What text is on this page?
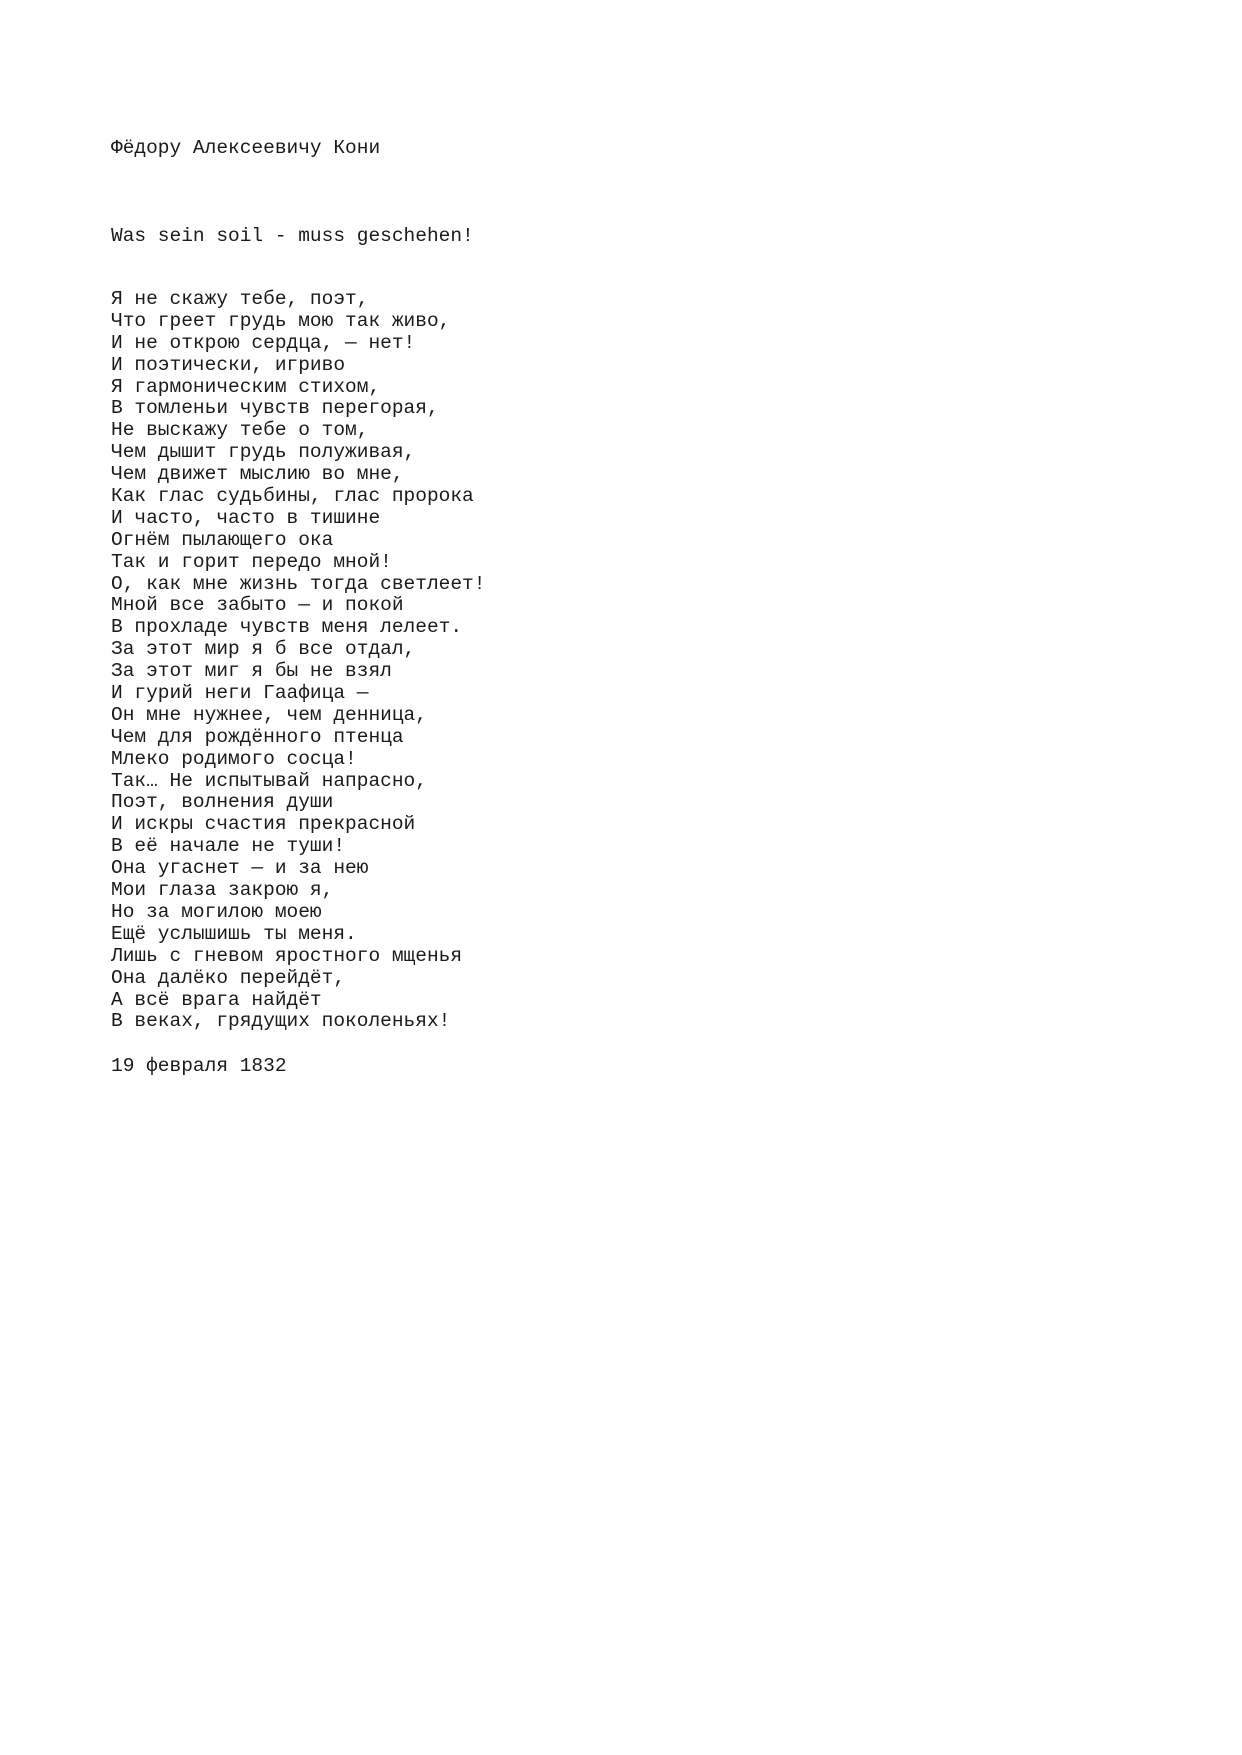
Фёдору Алексеевичу Кони

Was sein soil - muss geschehen!

Я не скажу тебе, поэт,
Что греет грудь мою так живо,
И не открою сердца, — нет!
И поэтически, игриво
Я гармоническим стихом,
В томленьи чувств перегорая,
Не выскажу тебе о том,
Чем дышит грудь полуживая,
Чем движет мыслию во мне,
Как глас судьбины, глас пророка
И часто, часто в тишине
Огнём пылающего ока
Так и горит передо мной!
О, как мне жизнь тогда светлеет!
Мной все забыто — и покой
В прохладе чувств меня лелеет.
За этот мир я б все отдал,
За этот миг я бы не взял
И гурий неги Гаафица —
Он мне нужнее, чем денница,
Чем для рождённого птенца
Млеко родимого сосца!
Так… Не испытывай напрасно,
Поэт, волнения души
И искры счастия прекрасной
В её начале не туши!
Она угаснет — и за нею
Мои глаза закрою я,
Но за могилою моею
Ещё услышишь ты меня.
Лишь с гневом яростного мщенья
Она далёко перейдёт,
А всё врага найдёт
В веках, грядущих поколеньях!

19 февраля 1832
